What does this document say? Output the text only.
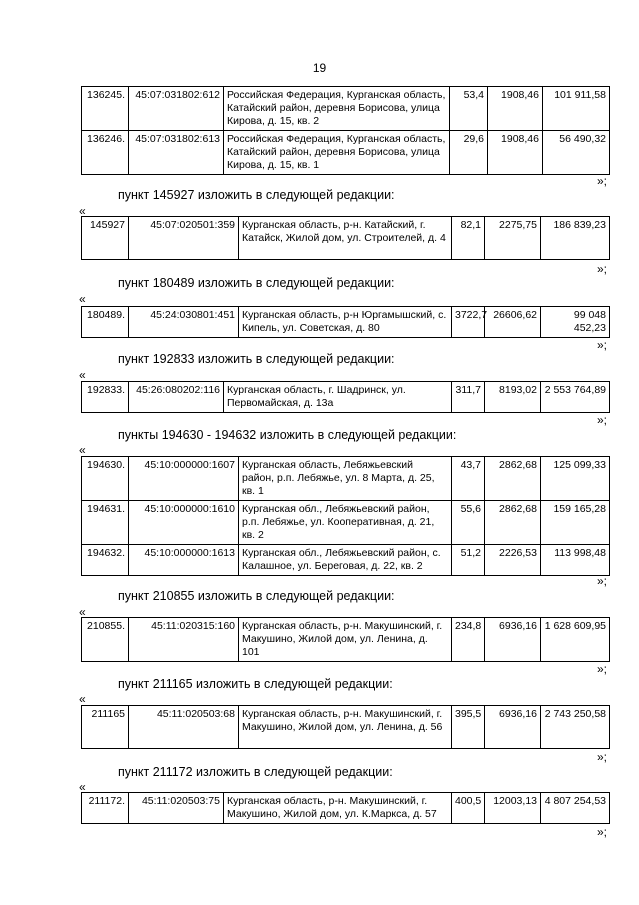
19
136245.	45:07:031802:612	Российская Федерация, Курганская область, Катайский район, деревня Борисова, улица Кирова, д. 15, кв. 2	53,4	1908,46	101 911,58
136246.	45:07:031802:613	Российская Федерация, Курганская область, Катайский район, деревня Борисова, улица Кирова, д. 15, кв. 1	29,6	1908,46	56 490,32
»;
пункт 145927 изложить в следующей редакции:
«
145927	45:07:020501:359	Курганская область, р-н. Катайский, г. Катайск, Жилой дом, ул. Строителей, д. 4	82,1	2275,75	186 839,23
»;
пункт 180489 изложить в следующей редакции:
«
180489.	45:24:030801:451	Курганская область, р-н Юргамышский, с. Кипель, ул. Советская, д. 80	3722,7	26606,62	99 048 452,23
»;
пункт 192833 изложить в следующей редакции:
«
192833.	45:26:080202:116	Курганская область, г. Шадринск, ул. Первомайская, д. 13а	311,7	8193,02	2 553 764,89
»;
пункты 194630 - 194632 изложить в следующей редакции:
«
194630.	45:10:000000:1607	Курганская область, Лебяжьевский район, р.п. Лебяжье, ул. 8 Марта, д. 25, кв. 1	43,7	2862,68	125 099,33
194631.	45:10:000000:1610	Курганская обл., Лебяжьевский район, р.п. Лебяжье, ул. Кооперативная, д. 21, кв. 2	55,6	2862,68	159 165,28
194632.	45:10:000000:1613	Курганская обл., Лебяжьевский район, с. Калашное, ул. Береговая, д. 22, кв. 2	51,2	2226,53	113 998,48
»;
пункт 210855 изложить в следующей редакции:
«
210855.	45:11:020315:160	Курганская область, р-н. Макушинский, г. Макушино, Жилой дом, ул. Ленина, д. 101	234,8	6936,16	1 628 609,95
»;
пункт 211165 изложить в следующей редакции:
«
211165	45:11:020503:68	Курганская область, р-н. Макушинский, г. Макушино, Жилой дом, ул. Ленина, д. 56	395,5	6936,16	2 743 250,58
»;
пункт 211172 изложить в следующей редакции:
«
211172.	45:11:020503:75	Курганская область, р-н. Макушинский, г. Макушино, Жилой дом, ул. К.Маркса, д. 57	400,5	12003,13	4 807 254,53
»;
